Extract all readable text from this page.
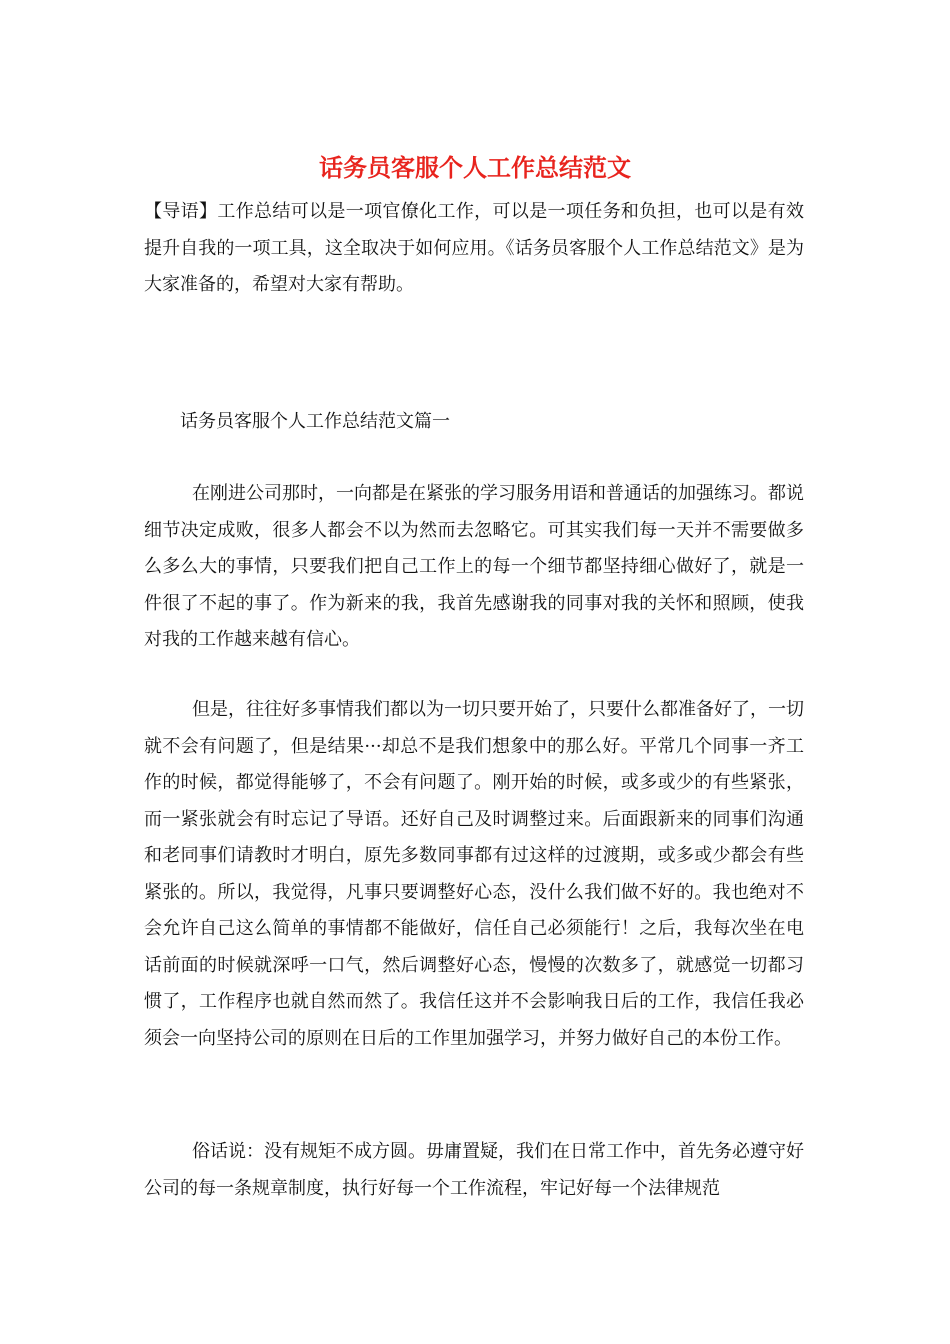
话务员客服个人工作总结范文

【导语】工作总结可以是一项官僚化工作，可以是一项任务和负担，也可以是有效提升自我的一项工具，这全取决于如何应用。《话务员客服个人工作总结范文》是为大家准备的，希望对大家有帮助。

话务员客服个人工作总结范文篇一

在刚进公司那时，一向都是在紧张的学习服务用语和普通话的加强练习。都说细节决定成败，很多人都会不以为然而去忽略它。可其实我们每一天并不需要做多么多么大的事情，只要我们把自己工作上的每一个细节都坚持细心做好了，就是一件很了不起的事了。作为新来的我，我首先感谢我的同事对我的关怀和照顾，使我对我的工作越来越有信心。

但是，往往好多事情我们都以为一切只要开始了，只要什么都准备好了，一切就不会有问题了，但是结果···却总不是我们想象中的那么好。平常几个同事一齐工作的时候，都觉得能够了，不会有问题了。刚开始的时候，或多或少的有些紧张，而一紧张就会有时忘记了导语。还好自己及时调整过来。后面跟新来的同事们沟通和老同事们请教时才明白，原先多数同事都有过这样的过渡期，或多或少都会有些紧张的。所以，我觉得，凡事只要调整好心态，没什么我们做不好的。我也绝对不会允许自己这么简单的事情都不能做好，信任自己必须能行！之后，我每次坐在电话前面的时候就深呼一口气，然后调整好心态，慢慢的次数多了，就感觉一切都习惯了，工作程序也就自然而然了。我信任这并不会影响我日后的工作，我信任我必须会一向坚持公司的原则在日后的工作里加强学习，并努力做好自己的本份工作。

俗话说：没有规矩不成方圆。毋庸置疑，我们在日常工作中，首先务必遵守好公司的每一条规章制度，执行好每一个工作流程，牢记好每一个法律规范
